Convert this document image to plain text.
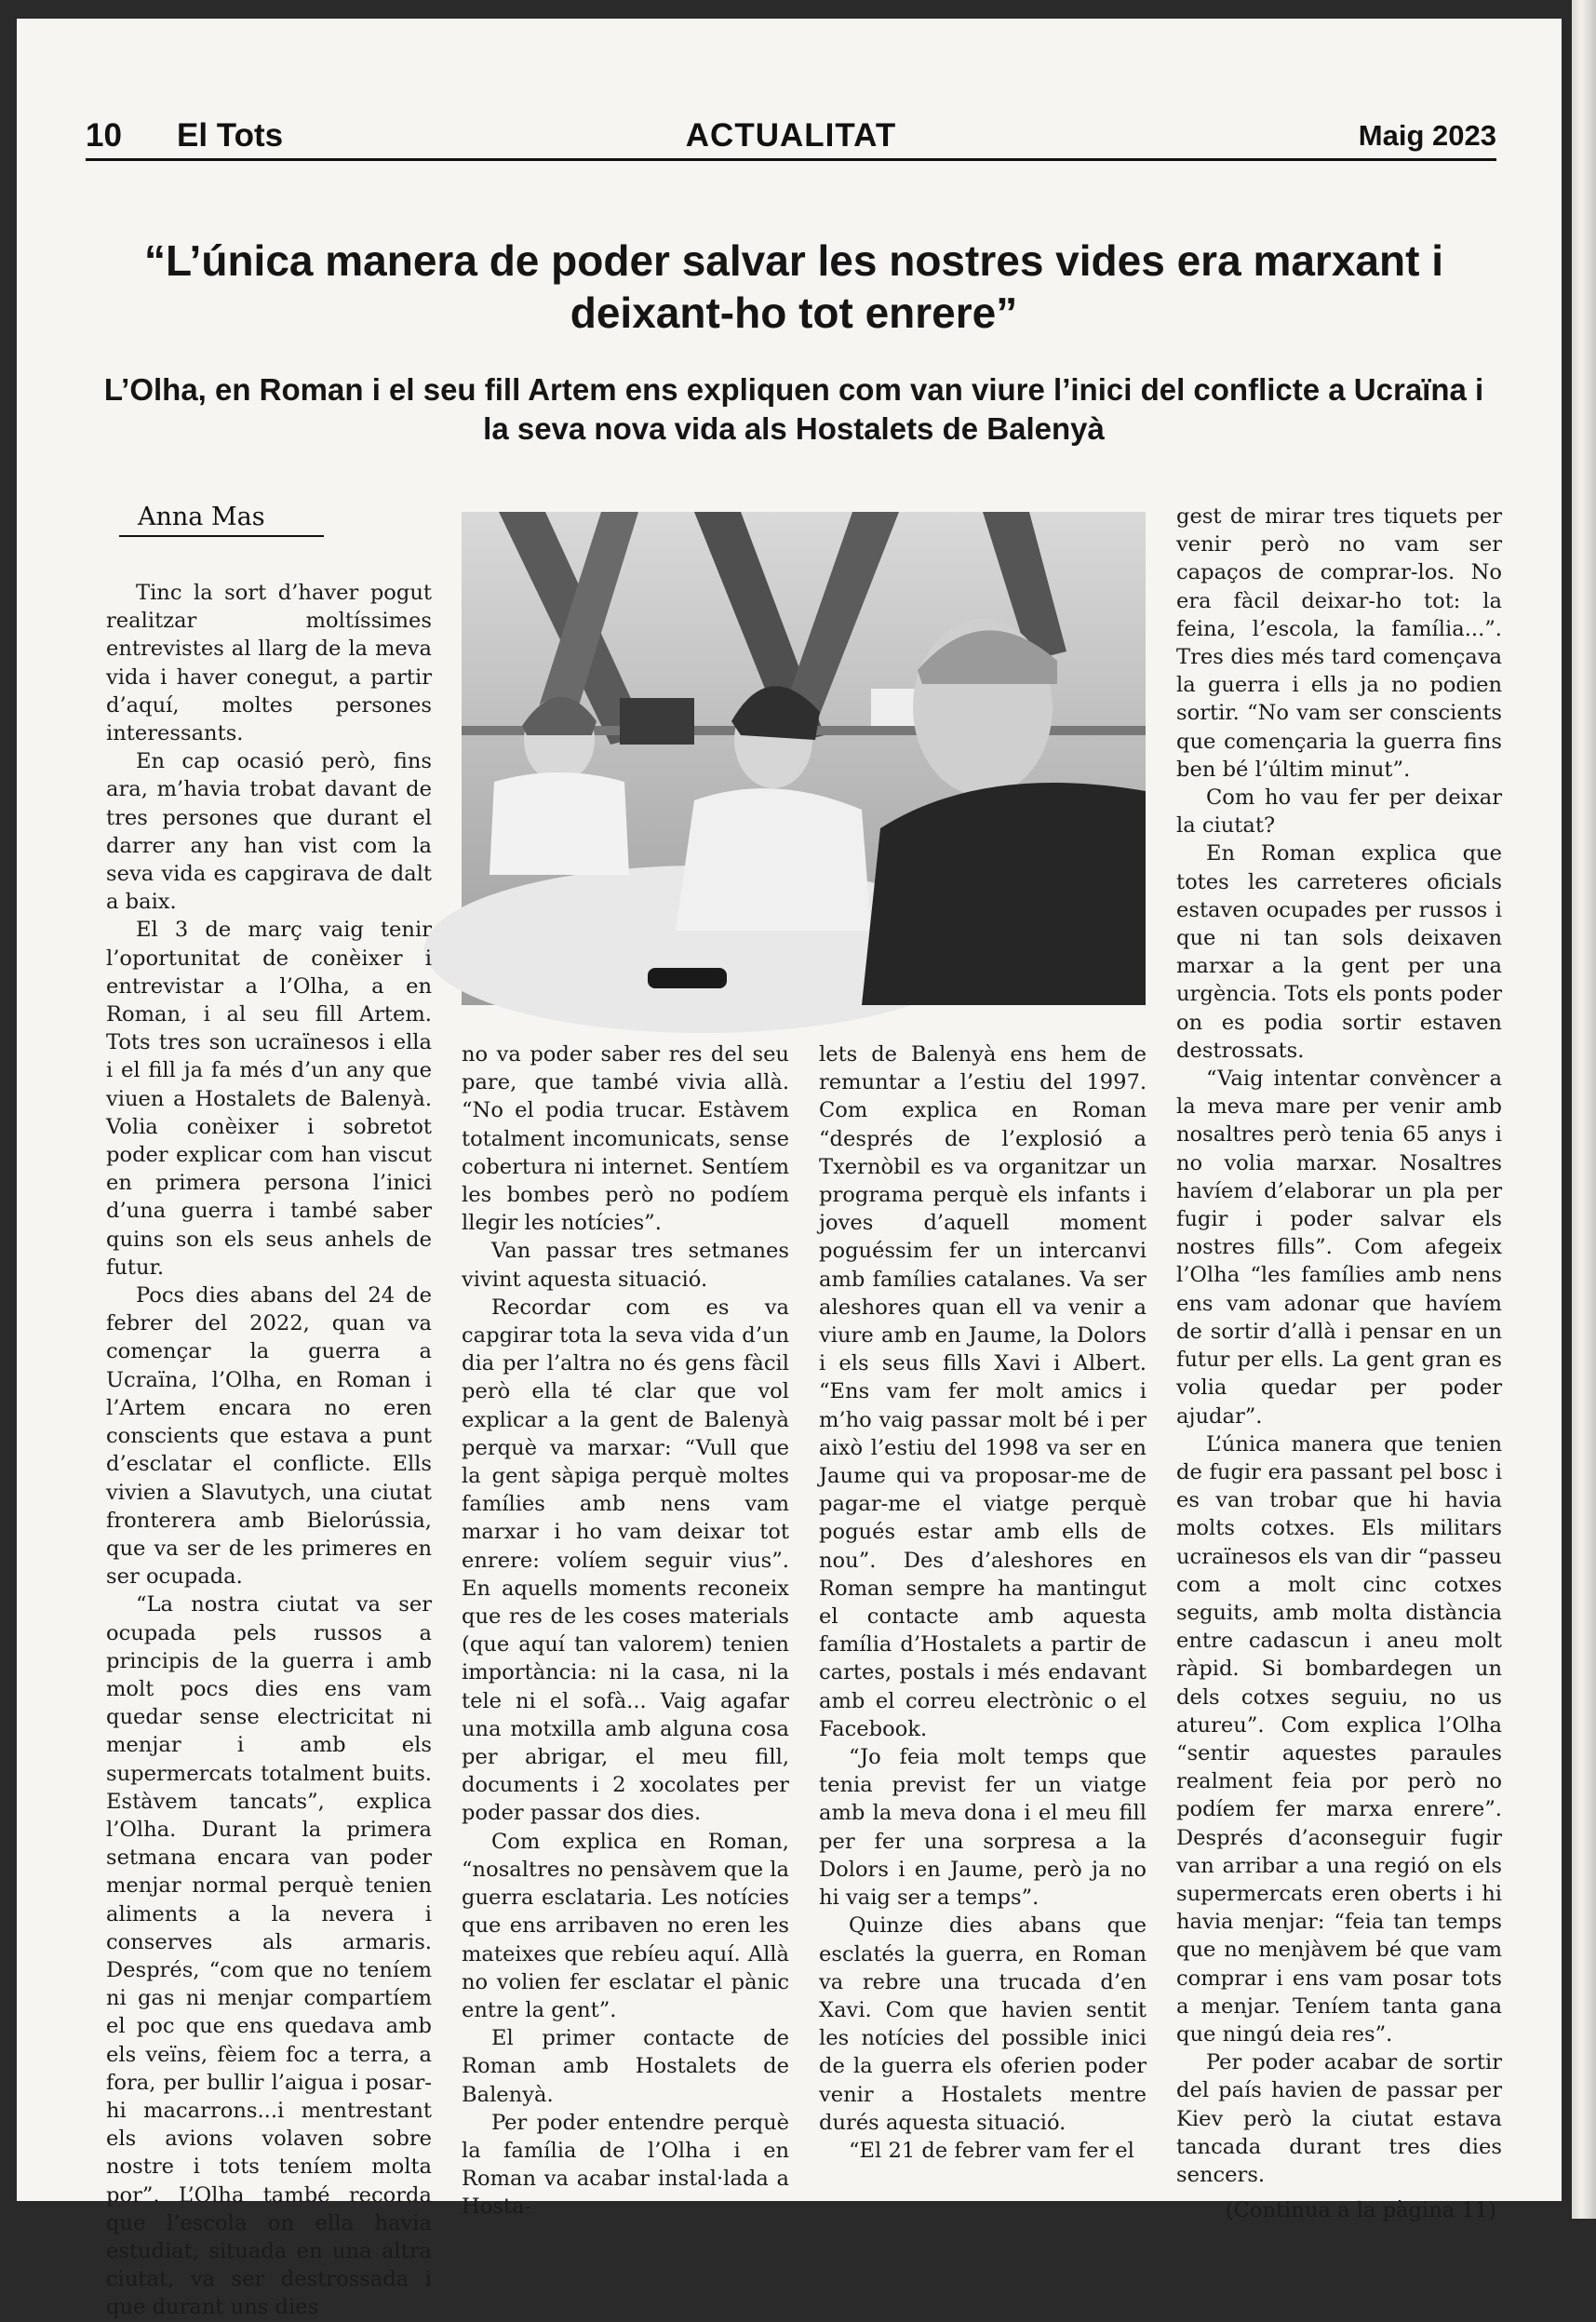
10 El Tots	ACTUALITAT	Maig 2023
“L’única manera de poder salvar les nostres vides era marxant i deixant-ho tot enrere”
L’Olha, en Roman i el seu fill Artem ens expliquen com van viure l’inici del conflicte a Ucraïna i la seva nova vida als Hostalets de Balenyà
Anna Mas

Tinc la sort d’haver pogut realitzar moltíssimes entrevistes al llarg de la meva vida i haver conegut, a partir d’aquí, moltes persones interessants.

En cap ocasió però, fins ara, m’havia trobat davant de tres persones que durant el darrer any han vist com la seva vida es capgirava de dalt a baix.

El 3 de març vaig tenir l’oportunitat de conèixer i entrevistar a l’Olha, a en Roman, i al seu fill Artem. Tots tres son ucraïnesos i ella i el fill ja fa més d’un any que viuen a Hostalets de Balenyà. Volia conèixer i sobretot poder explicar com han viscut en primera persona l’inici d’una guerra i també saber quins son els seus anhels de futur.

Pocs dies abans del 24 de febrer del 2022, quan va començar la guerra a Ucraïna, l’Olha, en Roman i l’Artem encara no eren conscients que estava a punt d’esclatar el conflicte. Ells vivien a Slavutych, una ciutat fronterera amb Bielorússia, que va ser de les primeres en ser ocupada.

“La nostra ciutat va ser ocupada pels russos a principis de la guerra i amb molt pocs dies ens vam quedar sense electricitat ni menjar i amb els supermercats totalment buits. Estàvem tancats”, explica l’Olha. Durant la primera setmana encara van poder menjar normal perquè tenien aliments a la nevera i conserves als armaris. Després, “com que no teníem ni gas ni menjar compartíem el poc que ens quedava amb els veïns, fèiem foc a terra, a fora, per bullir l’aigua i posar-hi macarrons...i mentrestant els avions volaven sobre nostre i tots teníem molta por”. L’Olha també recorda que l’escola on ella havia estudiat, situada en una altra ciutat, va ser destrossada i que durant uns dies

no va poder saber res del seu pare, que també vivia allà. “No el podia trucar. Estàvem totalment incomunicats, sense cobertura ni internet. Sentíem les bombes però no podíem llegir les notícies”.

Van passar tres setmanes vivint aquesta situació.

Recordar com es va capgirar tota la seva vida d’un dia per l’altra no és gens fàcil però ella té clar que vol explicar a la gent de Balenyà perquè va marxar: “Vull que la gent sàpiga perquè moltes famílies amb nens vam marxar i ho vam deixar tot enrere: volíem seguir vius”. En aquells moments reconeix que res de les coses materials (que aquí tan valorem) tenien importància: ni la casa, ni la tele ni el sofà... Vaig agafar una motxilla amb alguna cosa per abrigar, el meu fill, documents i 2 xocolates per poder passar dos dies.

Com explica en Roman, “nosaltres no pensàvem que la guerra esclataria. Les notícies que ens arribaven no eren les mateixes que rebíeu aquí. Allà no volien fer esclatar el pànic entre la gent”.

El primer contacte de Roman amb Hostalets de Balenyà.

Per poder entendre perquè la família de l’Olha i en Roman va acabar instal·lada a Hosta-

lets de Balenyà ens hem de remuntar a l’estiu del 1997. Com explica en Roman “després de l’explosió a Txernòbil es va organitzar un programa perquè els infants i joves d’aquell moment poguéssim fer un intercanvi amb famílies catalanes. Va ser aleshores quan ell va venir a viure amb en Jaume, la Dolors i els seus fills Xavi i Albert. “Ens vam fer molt amics i m’ho vaig passar molt bé i per això l’estiu del 1998 va ser en Jaume qui va proposar-me de pagar-me el viatge perquè pogués estar amb ells de nou”. Des d’aleshores en Roman sempre ha mantingut el contacte amb aquesta família d’Hostalets a partir de cartes, postals i més endavant amb el correu electrònic o el Facebook.

“Jo feia molt temps que tenia previst fer un viatge amb la meva dona i el meu fill per fer una sorpresa a la Dolors i en Jaume, però ja no hi vaig ser a temps”.

Quinze dies abans que esclatés la guerra, en Roman va rebre una trucada d’en Xavi. Com que havien sentit les notícies del possible inici de la guerra els oferien poder venir a Hostalets mentre durés aquesta situació.

“El 21 de febrer vam fer el

gest de mirar tres tiquets per venir però no vam ser capaços de comprar-los. No era fàcil deixar-ho tot: la feina, l’escola, la família...”. Tres dies més tard començava la guerra i ells ja no podien sortir. “No vam ser conscients que començaria la guerra fins ben bé l’últim minut”.

Com ho vau fer per deixar la ciutat?

En Roman explica que totes les carreteres oficials estaven ocupades per russos i que ni tan sols deixaven marxar a la gent per una urgència. Tots els ponts poder on es podia sortir estaven destrossats.

“Vaig intentar convèncer a la meva mare per venir amb nosaltres però tenia 65 anys i no volia marxar. Nosaltres havíem d’elaborar un pla per fugir i poder salvar els nostres fills”. Com afegeix l’Olha “les famílies amb nens ens vam adonar que havíem de sortir d’allà i pensar en un futur per ells. La gent gran es volia quedar per poder ajudar”.

L’única manera que tenien de fugir era passant pel bosc i es van trobar que hi havia molts cotxes. Els militars ucraïnesos els van dir “passeu com a molt cinc cotxes seguits, amb molta distància entre cadascun i aneu molt ràpid. Si bombardegen un dels cotxes seguiu, no us atureu”. Com explica l’Olha “sentir aquestes paraules realment feia por però no podíem fer marxa enrere”. Després d’aconseguir fugir van arribar a una regió on els supermercats eren oberts i hi havia menjar: “feia tan temps que no menjàvem bé que vam comprar i ens vam posar tots a menjar. Teníem tanta gana que ningú deia res”.

Per poder acabar de sortir del país havien de passar per Kiev però la ciutat estava tancada durant tres dies sencers.

(Continua a la pàgina 11)
